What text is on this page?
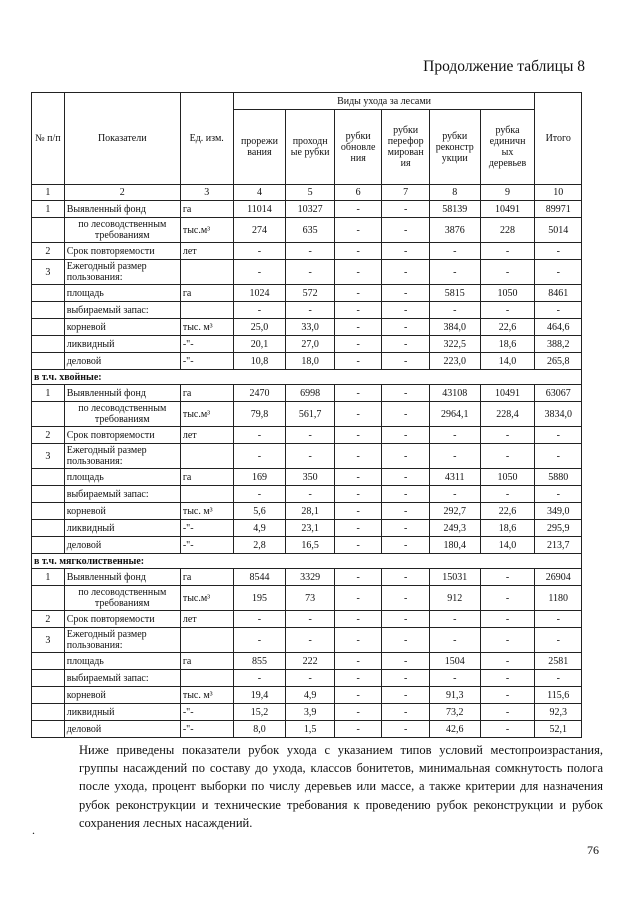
Продолжение таблицы 8
№ п/п	Показатели	Ед. изм.	Виды ухода за лесами						Итого
			прорежи вания	проходн ые рубки	рубки обновле ния	рубки перефор мирован ия	рубки реконстр укции	рубка единичн ых деревьев	
1	2	3	4	5	6	7	8	9	10
1	Выявленный фонд	га	11014	10327	-	-	58139	10491	89971
	по лесоводственным требованиям	тыс.м³	274	635	-	-	3876	228	5014
2	Срок повторяемости	лет	-	-	-	-	-	-	-
3	Ежегодный размер пользования:		-	-	-	-	-	-	-
	площадь	га	1024	572	-	-	5815	1050	8461
	выбираемый запас:		-	-	-	-	-	-	-
	корневой	тыс. м³	25,0	33,0	-	-	384,0	22,6	464,6
	ликвидный	-"-	20,1	27,0	-	-	322,5	18,6	388,2
	деловой	-"-	10,8	18,0	-	-	223,0	14,0	265,8
в т.ч. хвойные:									
1	Выявленный фонд	га	2470	6998	-	-	43108	10491	63067
	по лесоводственным требованиям	тыс.м³	79,8	561,7	-	-	2964,1	228,4	3834,0
2	Срок повторяемости	лет	-	-	-	-	-	-	-
3	Ежегодный размер пользования:		-	-	-	-	-	-	-
	площадь	га	169	350	-	-	4311	1050	5880
	выбираемый запас:		-	-	-	-	-	-	-
	корневой	тыс. м³	5,6	28,1	-	-	292,7	22,6	349,0
	ликвидный	-"-	4,9	23,1	-	-	249,3	18,6	295,9
	деловой	-"-	2,8	16,5	-	-	180,4	14,0	213,7
в т.ч. мягколиственные:									
1	Выявленный фонд	га	8544	3329	-	-	15031	-	26904
	по лесоводственным требованиям	тыс.м³	195	73	-	-	912	-	1180
2	Срок повторяемости	лет	-	-	-	-	-	-	-
3	Ежегодный размер пользования:		-	-	-	-	-	-	-
	площадь	га	855	222	-	-	1504	-	2581
	выбираемый запас:		-	-	-	-	-	-	-
	корневой	тыс. м³	19,4	4,9	-	-	91,3	-	115,6
	ликвидный	-"-	15,2	3,9	-	-	73,2	-	92,3
	деловой	-"-	8,0	1,5	-	-	42,6	-	52,1
Ниже приведены показатели рубок ухода с указанием типов условий местопроизрастания, группы насаждений по составу до ухода, классов бонитетов, минимальная сомкнутость полога после ухода, процент выборки по числу деревьев или массе, а также критерии для назначения рубок реконструкции и технические требования к проведению рубок реконструкции и рубок сохранения лесных насаждений.
.
76
